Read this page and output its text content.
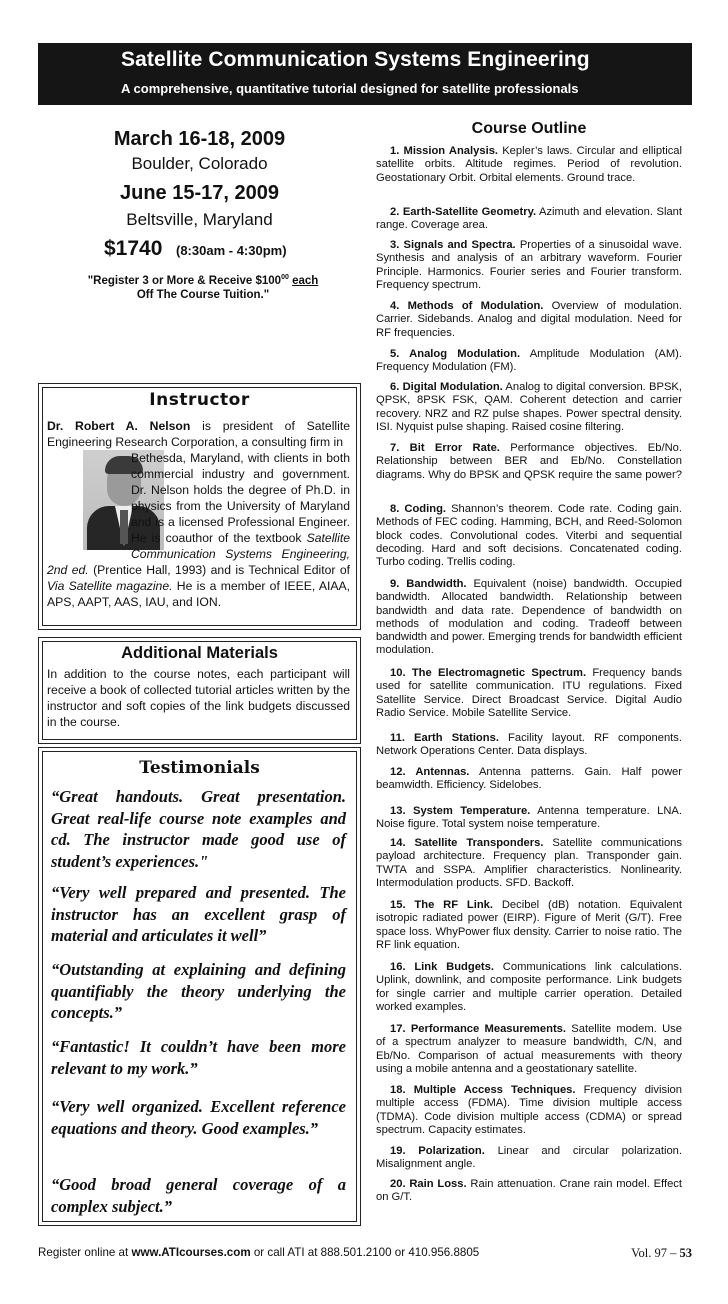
Satellite Communication Systems Engineering
A comprehensive, quantitative tutorial designed for satellite professionals
March 16-18, 2009
Boulder, Colorado
June 15-17, 2009
Beltsville, Maryland
$1740 (8:30am - 4:30pm)
"Register 3 or More & Receive $\$100^{00}$ each
Off The Course Tuition."
Instructor
Dr. Robert A. Nelson is president of Satellite Engineering Research Corporation, a consulting firm in
Bethesda, Maryland, with clients in both
commercial industry and government.
Dr. Nelson holds the degree of Ph.D. in
physics from the University of Maryland
and is a licensed Professional Engineer.
He is coauthor of the textbook Satellite
Communication Systems Engineering,
2nd ed. (Prentice Hall, 1993) and is Technical Editor of Via Satellite magazine. He is a member of IEEE, AIAA, APS, AAPT, AAS, IAU, and ION.
Additional Materials
In addition to the course notes, each participant will receive a book of collected tutorial articles written by the instructor and soft copies of the link budgets discussed in the course.
Testimonials
“Great handouts. Great presentation. Great real-life course note examples and cd. The instructor made good use of student’s experiences."
“Very well prepared and presented. The instructor has an excellent grasp of material and articulates it well”
“Outstanding at explaining and defining quantifiably the theory underlying the concepts.”
“Fantastic! It couldn’t have been more relevant to my work.”
“Very well organized. Excellent reference equations and theory. Good examples.”
“Good broad general coverage of a complex subject.”
Course Outline
1. Mission Analysis. Kepler’s laws. Circular and elliptical satellite orbits. Altitude regimes. Period of revolution. Geostationary Orbit. Orbital elements. Ground trace.
2. Earth-Satellite Geometry. Azimuth and elevation. Slant range. Coverage area.
3. Signals and Spectra. Properties of a sinusoidal wave. Synthesis and analysis of an arbitrary waveform. Fourier Principle. Harmonics. Fourier series and Fourier transform. Frequency spectrum.
4. Methods of Modulation. Overview of modulation. Carrier. Sidebands. Analog and digital modulation. Need for RF frequencies.
5. Analog Modulation. Amplitude Modulation (AM). Frequency Modulation (FM).
6. Digital Modulation. Analog to digital conversion. BPSK, QPSK, 8PSK FSK, QAM. Coherent detection and carrier recovery. NRZ and RZ pulse shapes. Power spectral density. ISI. Nyquist pulse shaping. Raised cosine filtering.
7. Bit Error Rate. Performance objectives. Eb/No. Relationship between BER and Eb/No. Constellation diagrams. Why do BPSK and QPSK require the same power?
8. Coding. Shannon’s theorem. Code rate. Coding gain. Methods of FEC coding. Hamming, BCH, and Reed-Solomon block codes. Convolutional codes. Viterbi and sequential decoding. Hard and soft decisions. Concatenated coding. Turbo coding. Trellis coding.
9. Bandwidth. Equivalent (noise) bandwidth. Occupied bandwidth. Allocated bandwidth. Relationship between bandwidth and data rate. Dependence of bandwidth on methods of modulation and coding. Tradeoff between bandwidth and power. Emerging trends for bandwidth efficient modulation.
10. The Electromagnetic Spectrum. Frequency bands used for satellite communication. ITU regulations. Fixed Satellite Service. Direct Broadcast Service. Digital Audio Radio Service. Mobile Satellite Service.
11. Earth Stations. Facility layout. RF components. Network Operations Center. Data displays.
12. Antennas. Antenna patterns. Gain. Half power beamwidth. Efficiency. Sidelobes.
13. System Temperature. Antenna temperature. LNA. Noise figure. Total system noise temperature.
14. Satellite Transponders. Satellite communications payload architecture. Frequency plan. Transponder gain. TWTA and SSPA. Amplifier characteristics. Nonlinearity. Intermodulation products. SFD. Backoff.
15. The RF Link. Decibel (dB) notation. Equivalent isotropic radiated power (EIRP). Figure of Merit (G/T). Free space loss. WhyPower flux density. Carrier to noise ratio. The RF link equation.
16. Link Budgets. Communications link calculations. Uplink, downlink, and composite performance. Link budgets for single carrier and multiple carrier operation. Detailed worked examples.
17. Performance Measurements. Satellite modem. Use of a spectrum analyzer to measure bandwidth, C/N, and Eb/No. Comparison of actual measurements with theory using a mobile antenna and a geostationary satellite.
18. Multiple Access Techniques. Frequency division multiple access (FDMA). Time division multiple access (TDMA). Code division multiple access (CDMA) or spread spectrum. Capacity estimates.
19. Polarization. Linear and circular polarization. Misalignment angle.
20. Rain Loss. Rain attenuation. Crane rain model. Effect on G/T.
Register online at www.ATIcourses.com or call ATI at 888.501.2100 or 410.956.8805	Vol. 97 – 53
